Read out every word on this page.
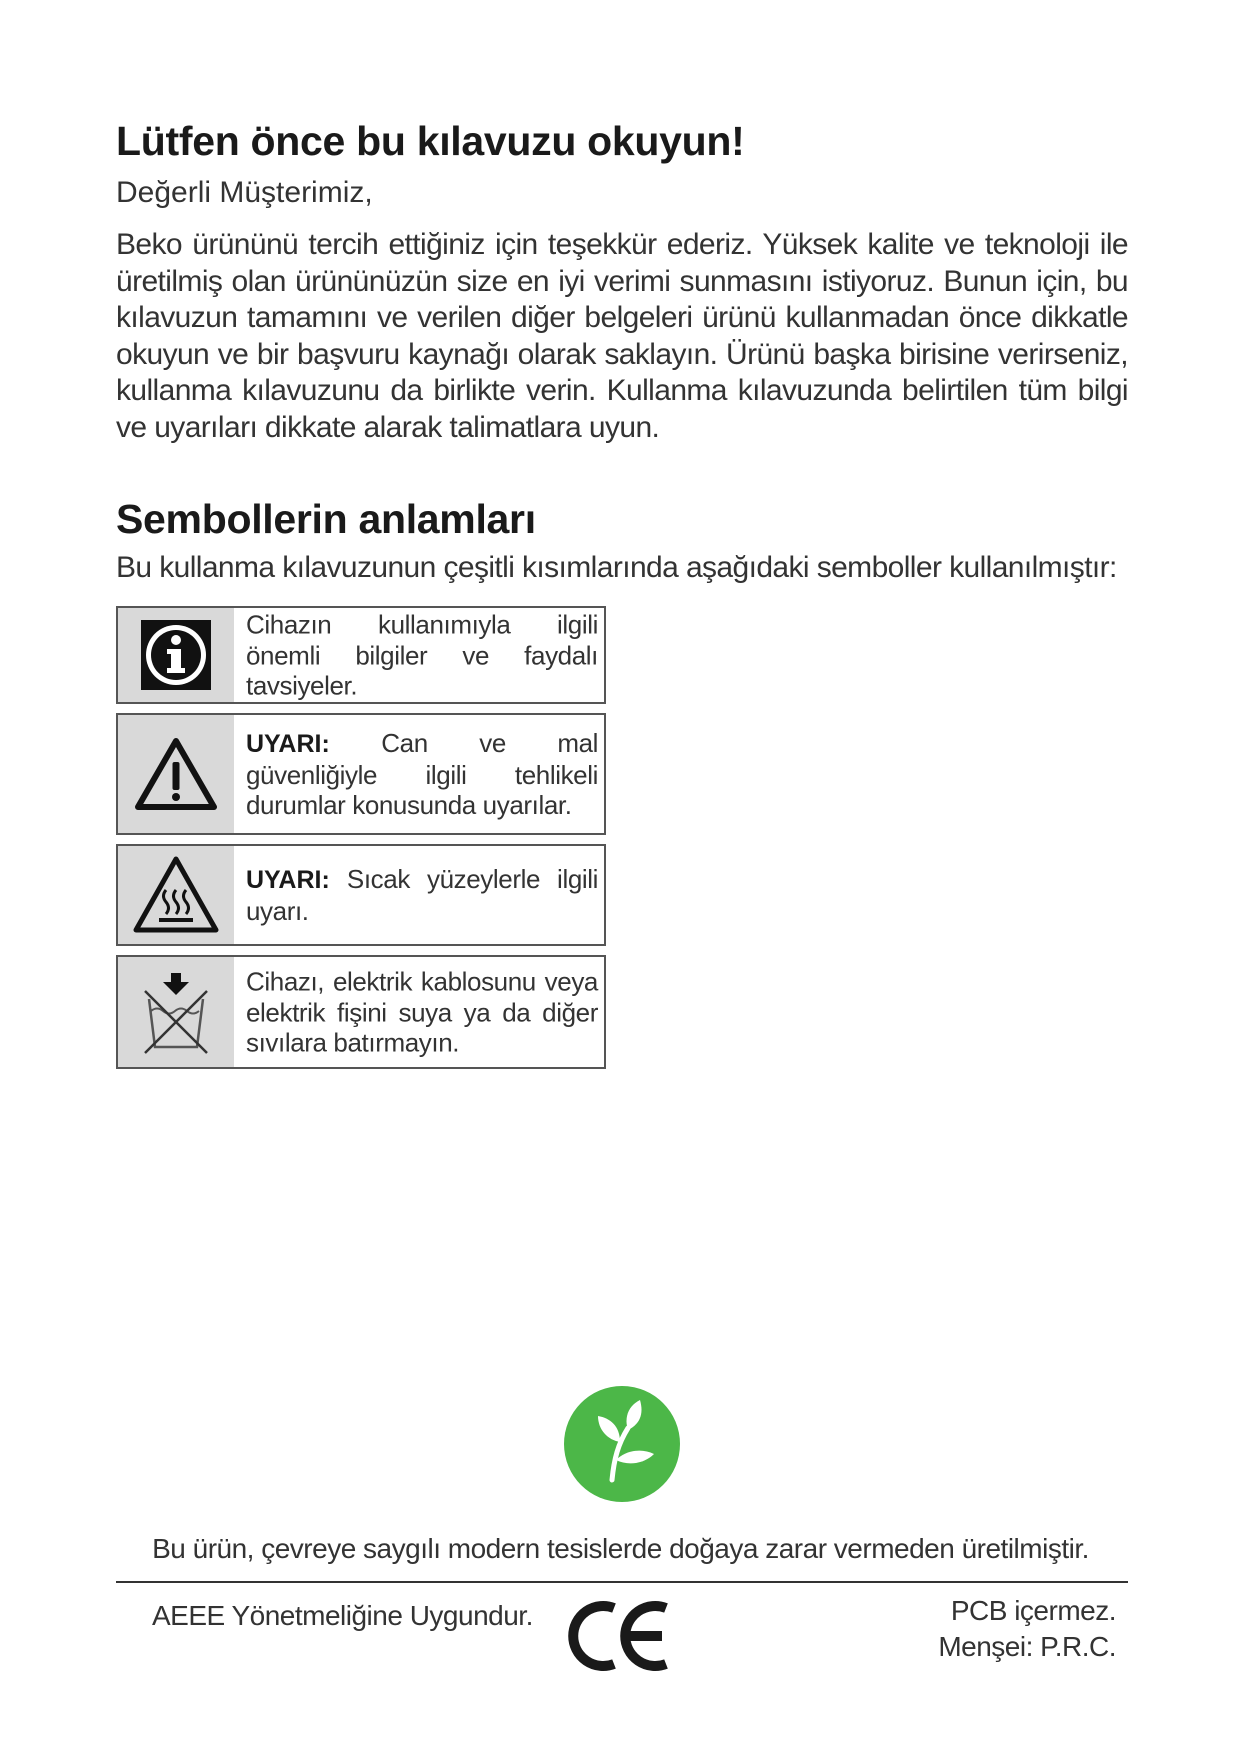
Lütfen önce bu kılavuzu okuyun!

Değerli Müşterimiz,

Beko ürününü tercih ettiğiniz için teşekkür ederiz. Yüksek kalite ve teknoloji ile üretilmiş olan ürününüzün size en iyi verimi sunmasını istiyoruz. Bunun için, bu kılavuzun tamamını ve verilen diğer belgeleri ürünü kullanmadan önce dikkatle okuyun ve bir başvuru kaynağı olarak saklayın. Ürünü başka birisine verirseniz, kullanma kılavuzunu da birlikte verin. Kullanma kılavuzunda belirtilen tüm bilgi ve uyarıları dikkate alarak talimatlara uyun.

Sembollerin anlamları

Bu kullanma kılavuzunun çeşitli kısımlarında aşağıdaki semboller kullanılmıştır:

Cihazın kullanımıyla ilgili önemli bilgiler ve faydalı tavsiyeler.
UYARI: Can ve mal güvenliğiyle ilgili tehlikeli durumlar konusunda uyarılar.
UYARI: Sıcak yüzeylerle ilgili uyarı.
Cihazı, elektrik kablosunu veya elektrik fişini suya ya da diğer sıvılara batırmayın.

Bu ürün, çevreye saygılı modern tesislerde doğaya zarar vermeden üretilmiştir.

AEEE Yönetmeliğine Uygundur.	PCB içermez.

Menşei: P.R.C.
